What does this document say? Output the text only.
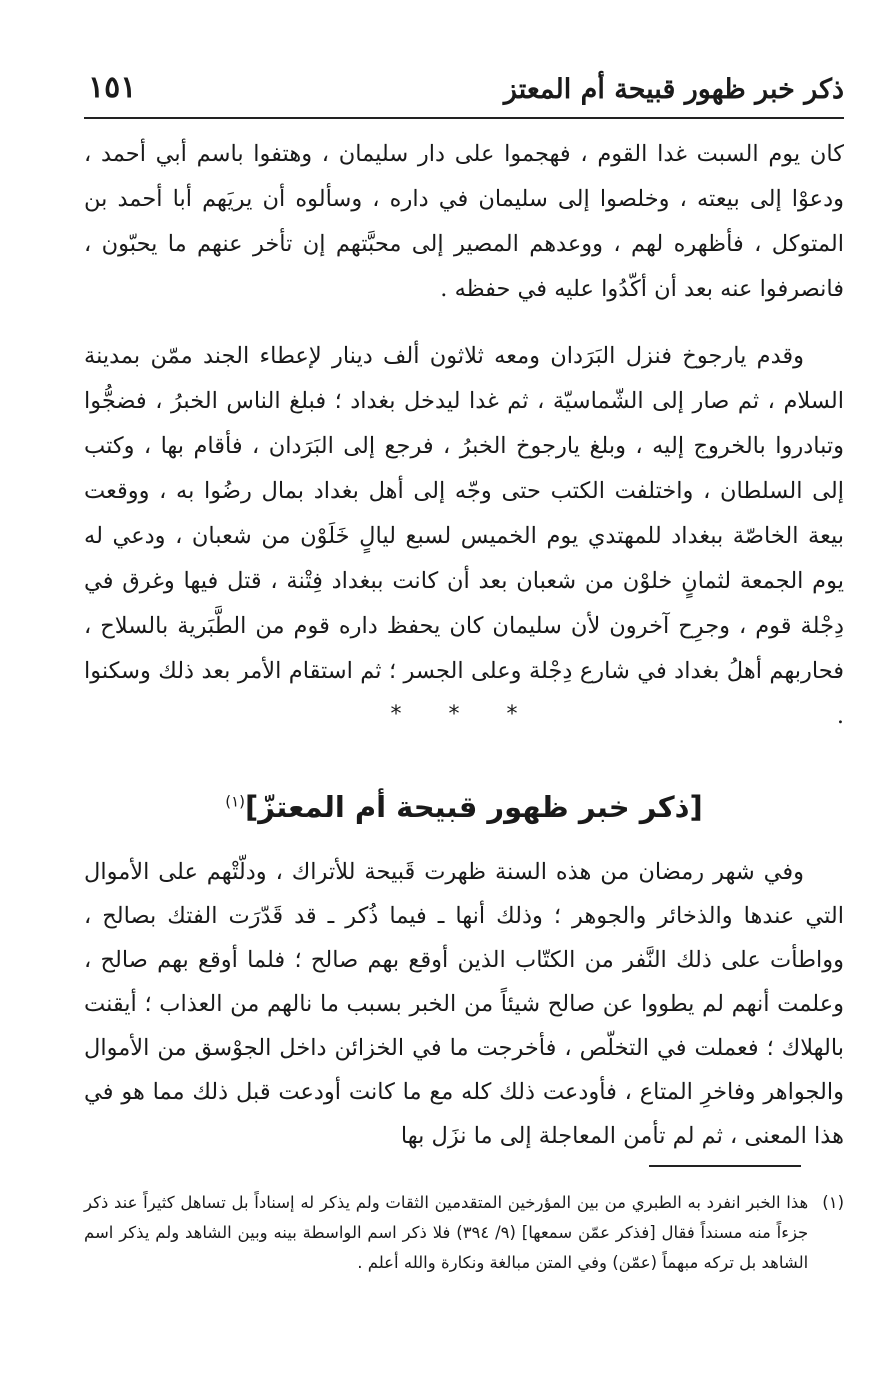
ذكر خبر ظهور قبيحة أم المعتز
١٥١

كان يوم السبت غدا القوم ، فهجموا على دار سليمان ، وهتفوا باسم أبي أحمد ، ودعوْا إلى بيعته ، وخلصوا إلى سليمان في داره ، وسألوه أن يريَهم أبا أحمد بن المتوكل ، فأظهره لهم ، ووعدهم المصير إلى محبَّتهم إن تأخر عنهم ما يحبّون ، فانصرفوا عنه بعد أن أكّدُوا عليه في حفظه .

وقدم يارجوخ فنزل البَرَدان ومعه ثلاثون ألف دينار لإعطاء الجند ممّن بمدينة السلام ، ثم صار إلى الشّماسيّة ، ثم غدا ليدخل بغداد ؛ فبلغ الناس الخبرُ ، فضجُّوا وتبادروا بالخروج إليه ، وبلغ يارجوخ الخبرُ ، فرجع إلى البَرَدان ، فأقام بها ، وكتب إلى السلطان ، واختلفت الكتب حتى وجّه إلى أهل بغداد بمال رضُوا به ، ووقعت بيعة الخاصّة ببغداد للمهتدي يوم الخميس لسبع ليالٍ خَلَوْن من شعبان ، ودعي له يوم الجمعة لثمانٍ خلوْن من شعبان بعد أن كانت ببغداد فِتْنة ، قتل فيها وغرق في دِجْلة قوم ، وجرِح آخرون لأن سليمان كان يحفظ داره قوم من الطَّبَرية بالسلاح ، فحاربهم أهلُ بغداد في شارع دِجْلة وعلى الجسر ؛ ثم استقام الأمر بعد ذلك وسكنوا .

* * *
[ذكر خبر ظهور قبيحة أم المعتزّ]$^{(١)}$

وفي شهر رمضان من هذه السنة ظهرت قَبيحة للأتراك ، ودلّتْهم على الأموال التي عندها والذخائر والجوهر ؛ وذلك أنها ـ فيما ذُكر ـ قد قَدّرَت الفتك بصالح ، وواطأت على ذلك النَّفر من الكتّاب الذين أوقع بهم صالح ؛ فلما أوقع بهم صالح ، وعلمت أنهم لم يطووا عن صالح شيئاً من الخبر بسبب ما نالهم من العذاب ؛ أيقنت بالهلاك ؛ فعملت في التخلّص ، فأخرجت ما في الخزائن داخل الجوْسق من الأموال والجواهر وفاخرِ المتاع ، فأودعت ذلك كله مع ما كانت أودعت قبل ذلك مما هو في هذا المعنى ، ثم لم تأمن المعاجلة إلى ما نزَل بها

(١)
هذا الخبر انفرد به الطبري من بين المؤرخين المتقدمين الثقات ولم يذكر له إسناداً بل تساهل كثيراً عند ذكر جزءاً منه مسنداً فقال [فذكر عمّن سمعها] (٩/ ٣٩٤) فلا ذكر اسم الواسطة بينه وبين الشاهد ولم يذكر اسم الشاهد بل تركه مبهماً (عمّن) وفي المتن مبالغة ونكارة والله أعلم .
